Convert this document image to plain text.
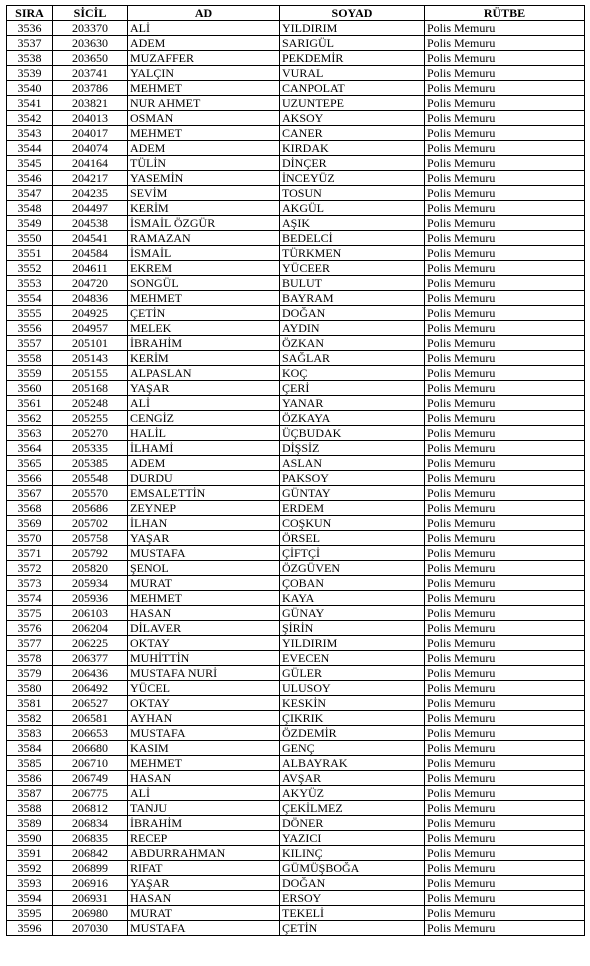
SIRA	SİCİL	AD	SOYAD	RÜTBE
3536	203370	ALİ	YILDIRIM	Polis Memuru
3537	203630	ADEM	SARIGÜL	Polis Memuru
3538	203650	MUZAFFER	PEKDEMİR	Polis Memuru
3539	203741	YALÇIN	VURAL	Polis Memuru
3540	203786	MEHMET	CANPOLAT	Polis Memuru
3541	203821	NUR AHMET	UZUNTEPE	Polis Memuru
3542	204013	OSMAN	AKSOY	Polis Memuru
3543	204017	MEHMET	CANER	Polis Memuru
3544	204074	ADEM	KIRDAK	Polis Memuru
3545	204164	TÜLİN	DİNÇER	Polis Memuru
3546	204217	YASEMİN	İNCEYÜZ	Polis Memuru
3547	204235	SEVİM	TOSUN	Polis Memuru
3548	204497	KERİM	AKGÜL	Polis Memuru
3549	204538	İSMAİL ÖZGÜR	AŞIK	Polis Memuru
3550	204541	RAMAZAN	BEDELCİ	Polis Memuru
3551	204584	İSMAİL	TÜRKMEN	Polis Memuru
3552	204611	EKREM	YÜCEER	Polis Memuru
3553	204720	SONGÜL	BULUT	Polis Memuru
3554	204836	MEHMET	BAYRAM	Polis Memuru
3555	204925	ÇETİN	DOĞAN	Polis Memuru
3556	204957	MELEK	AYDIN	Polis Memuru
3557	205101	İBRAHİM	ÖZKAN	Polis Memuru
3558	205143	KERİM	SAĞLAR	Polis Memuru
3559	205155	ALPASLAN	KOÇ	Polis Memuru
3560	205168	YAŞAR	ÇERİ	Polis Memuru
3561	205248	ALİ	YANAR	Polis Memuru
3562	205255	CENGİZ	ÖZKAYA	Polis Memuru
3563	205270	HALİL	ÜÇBUDAK	Polis Memuru
3564	205335	İLHAMİ	DİŞSİZ	Polis Memuru
3565	205385	ADEM	ASLAN	Polis Memuru
3566	205548	DURDU	PAKSOY	Polis Memuru
3567	205570	EMSALETTİN	GÜNTAY	Polis Memuru
3568	205686	ZEYNEP	ERDEM	Polis Memuru
3569	205702	İLHAN	COŞKUN	Polis Memuru
3570	205758	YAŞAR	ÖRSEL	Polis Memuru
3571	205792	MUSTAFA	ÇİFTÇİ	Polis Memuru
3572	205820	ŞENOL	ÖZGÜVEN	Polis Memuru
3573	205934	MURAT	ÇOBAN	Polis Memuru
3574	205936	MEHMET	KAYA	Polis Memuru
3575	206103	HASAN	GÜNAY	Polis Memuru
3576	206204	DİLAVER	ŞİRİN	Polis Memuru
3577	206225	OKTAY	YILDIRIM	Polis Memuru
3578	206377	MUHİTTİN	EVECEN	Polis Memuru
3579	206436	MUSTAFA NURİ	GÜLER	Polis Memuru
3580	206492	YÜCEL	ULUSOY	Polis Memuru
3581	206527	OKTAY	KESKİN	Polis Memuru
3582	206581	AYHAN	ÇIKRIK	Polis Memuru
3583	206653	MUSTAFA	ÖZDEMİR	Polis Memuru
3584	206680	KASIM	GENÇ	Polis Memuru
3585	206710	MEHMET	ALBAYRAK	Polis Memuru
3586	206749	HASAN	AVŞAR	Polis Memuru
3587	206775	ALİ	AKYÜZ	Polis Memuru
3588	206812	TANJU	ÇEKİLMEZ	Polis Memuru
3589	206834	İBRAHİM	DÖNER	Polis Memuru
3590	206835	RECEP	YAZICI	Polis Memuru
3591	206842	ABDURRAHMAN	KILINÇ	Polis Memuru
3592	206899	RIFAT	GÜMÜŞBOĞA	Polis Memuru
3593	206916	YAŞAR	DOĞAN	Polis Memuru
3594	206931	HASAN	ERSOY	Polis Memuru
3595	206980	MURAT	TEKELİ	Polis Memuru
3596	207030	MUSTAFA	ÇETİN	Polis Memuru
